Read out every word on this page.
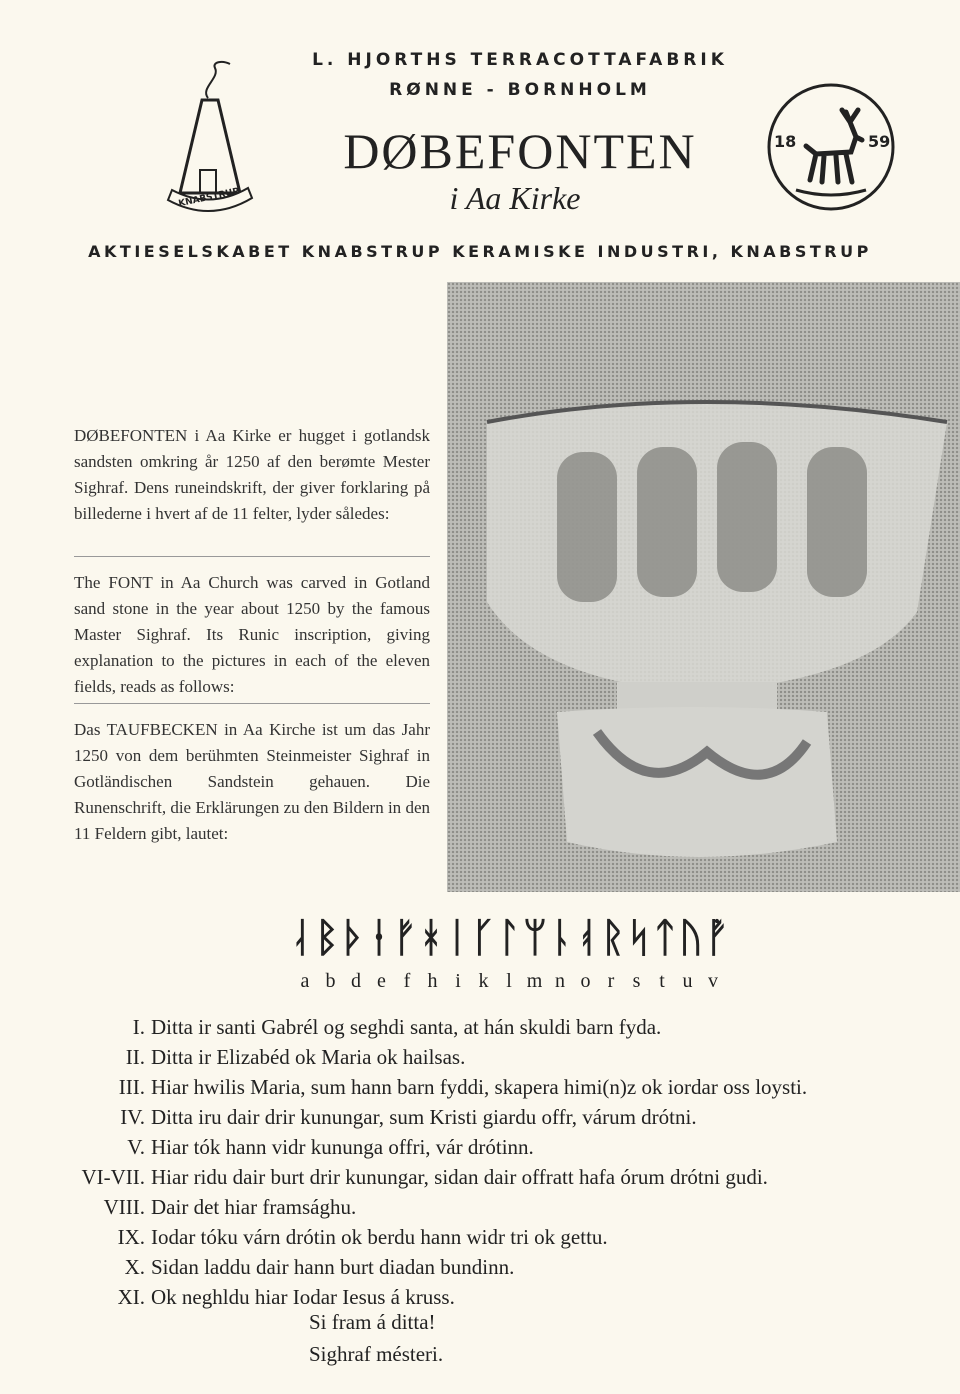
KNABSTRUP
L. HJORTHS TERRACOTTAFABRIK
RØNNE - BORNHOLM
DØBEFONTEN
i Aa Kirke
18	59
AKTIESELSKABET KNABSTRUP KERAMISKE INDUSTRI, KNABSTRUP
DØBEFONTEN i Aa Kirke er hugget i gotlandsk sandsten omkring år 1250 af den berømte Mester Sighraf. Dens runeindskrift, der giver forklaring på billederne i hvert af de 11 felter, lyder således:
The FONT in Aa Church was carved in Gotland sand stone in the year about 1250 by the famous Master Sighraf. Its Runic inscription, giving explanation to the pictures in each of the eleven fields, reads as follows:
Das TAUFBECKEN in Aa Kirche ist um das Jahr 1250 von dem berühmten Steinmeister Sighraf in Gotländischen Sandstein gehauen. Die Runenschrift, die Erklärungen zu den Bildern in den 11 Feldern gibt, lautet:
ᛆᛒᚦᛂᚠᚼᛁᚴᛚᛘᚿᚮᚱᛋᛏᚢᚡ
a b d e f h i k l m n o r s t u v
I. Ditta ir santi Gabrél og seghdi santa, at hán skuldi barn fyda.
II. Ditta ir Elizabéd ok Maria ok hailsas.
III. Hiar hwilis Maria, sum hann barn fyddi, skapera himi(n)z ok iordar oss loysti.
IV. Ditta iru dair drir kunungar, sum Kristi giardu offr, várum drótni.
V. Hiar tók hann vidr kununga offri, vár drótinn.
VI-VII. Hiar ridu dair burt drir kunungar, sidan dair offratt hafa órum drótni gudi.
VIII. Dair det hiar framsághu.
IX. Iodar tóku várn drótin ok berdu hann widr tri ok gettu.
X. Sidan laddu dair hann burt diadan bundinn.
XI. Ok neghldu hiar Iodar Iesus á kruss.
Si fram á ditta!
Sighraf mésteri.
